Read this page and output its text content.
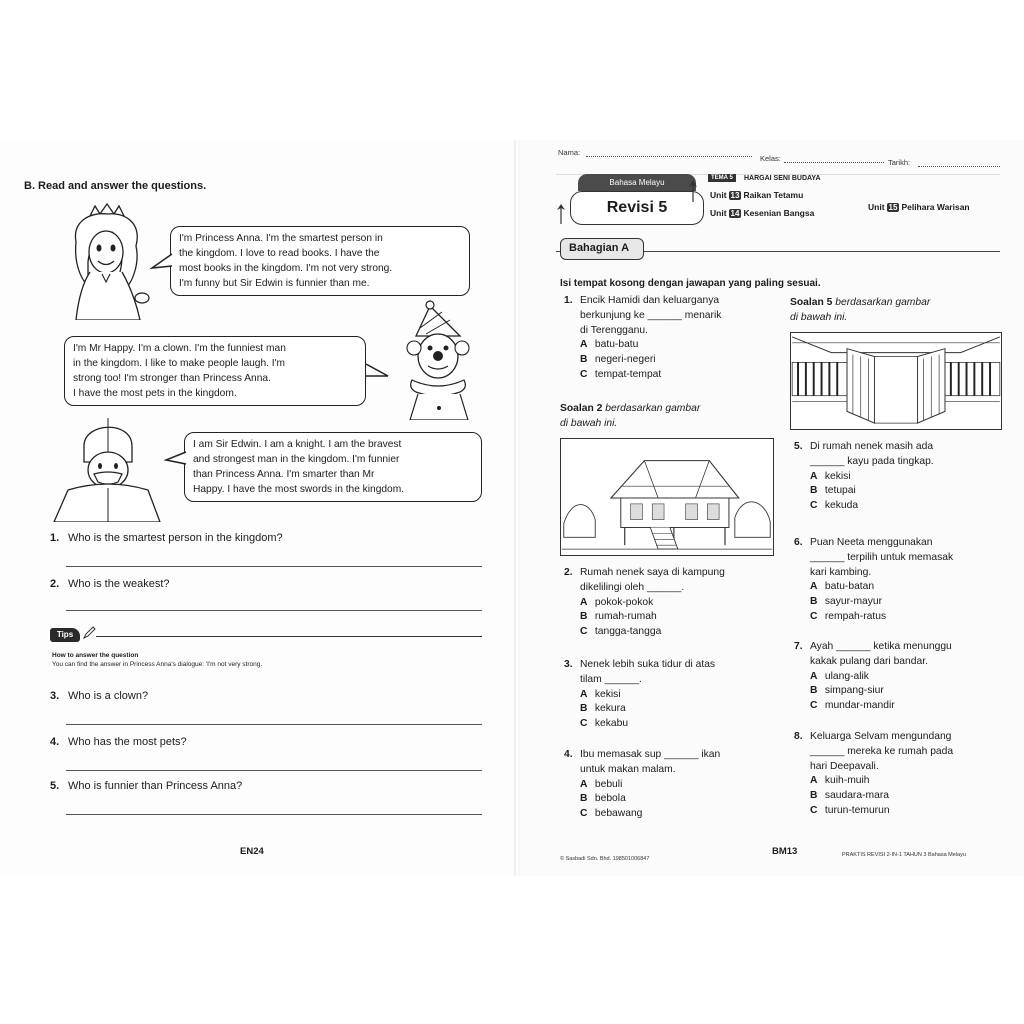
B. Read and answer the questions.
I'm Princess Anna. I'm the smartest person in
the kingdom. I love to read books. I have the
most books in the kingdom. I'm not very strong.
I'm funny but Sir Edwin is funnier than me.
I'm Mr Happy. I'm a clown. I'm the funniest man
in the kingdom. I like to make people laugh. I'm
strong too! I'm stronger than Princess Anna.
I have the most pets in the kingdom.
I am Sir Edwin. I am a knight. I am the bravest
and strongest man in the kingdom. I'm funnier
than Princess Anna. I'm smarter than Mr
Happy. I have the most swords in the kingdom.
1. Who is the smartest person in the kingdom?
2. Who is the weakest?
Tips
How to answer the question
You can find the answer in Princess Anna's dialogue: 'I'm not very strong.
3. Who is a clown?
4. Who has the most pets?
5. Who is funnier than Princess Anna?
EN24
Nama:
Kelas:	Tarikh:
Bahasa Melayu
Revisi 5
TEMA 5	HARGAI SENI BUDAYA
Unit 13 Raikan Tetamu
Unit 14 Kesenian Bangsa
Unit 15 Pelihara Warisan
Bahagian A
Isi tempat kosong dengan jawapan yang paling sesuai.
1. Encik Hamidi dan keluarganya
berkunjung ke ______ menarik
di Terengganu.
A batu-batu
B negeri-negeri
C tempat-tempat
Soalan 2 berdasarkan gambar
di bawah ini.
2. Rumah nenek saya di kampung
dikelilingi oleh ______.
A pokok-pokok
B rumah-rumah
C tangga-tangga
3. Nenek lebih suka tidur di atas
tilam ______.
A kekisi
B kekura
C kekabu
4. Ibu memasak sup ______ ikan
untuk makan malam.
A bebuli
B bebola
C bebawang
Soalan 5 berdasarkan gambar
di bawah ini.
5. Di rumah nenek masih ada
______ kayu pada tingkap.
A kekisi
B tetupai
C kekuda
6. Puan Neeta menggunakan
______ terpilih untuk memasak
kari kambing.
A batu-batan
B sayur-mayur
C rempah-ratus
7. Ayah ______ ketika menunggu
kakak pulang dari bandar.
A ulang-alik
B simpang-siur
C mundar-mandir
8. Keluarga Selvam mengundang
______ mereka ke rumah pada
hari Deepavali.
A kuih-muih
B saudara-mara
C turun-temurun
© Sasbadi Sdn. Bhd. 198501006847
BM13	PRAKTIS REVISI 2-IN-1 TAHUN 3 Bahasa Melayu
